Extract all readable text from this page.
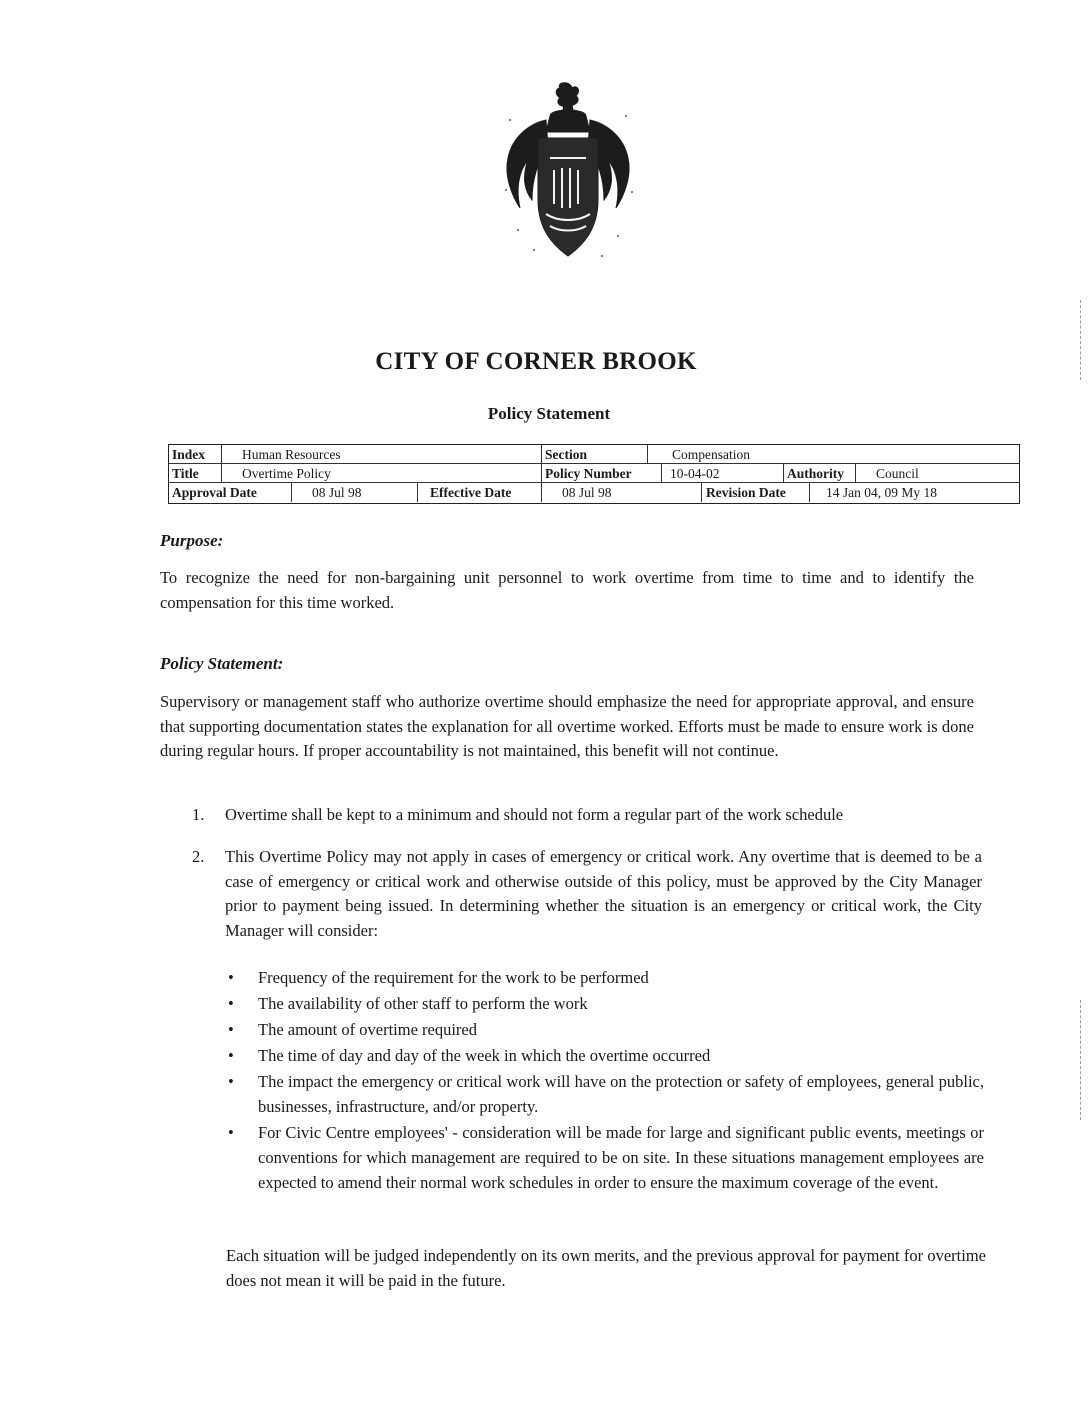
CITY OF CORNER BROOK
Policy Statement
Index	Human Resources	Section	Compensation
Title	Overtime Policy	Policy Number	10-04-02	Authority	Council
Approval Date	08 Jul 98	Effective Date	08 Jul 98	Revision Date	14 Jan 04, 09 My 18
Purpose:

To recognize the need for non-bargaining unit personnel to work overtime from time to time and to identify the compensation for this time worked.

Policy Statement:

Supervisory or management staff who authorize overtime should emphasize the need for appropriate approval, and ensure that supporting documentation states the explanation for all overtime worked. Efforts must be made to ensure work is done during regular hours. If proper accountability is not maintained, this benefit will not continue.

1. Overtime shall be kept to a minimum and should not form a regular part of the work schedule

2. This Overtime Policy may not apply in cases of emergency or critical work. Any overtime that is deemed to be a case of emergency or critical work and otherwise outside of this policy, must be approved by the City Manager prior to payment being issued. In determining whether the situation is an emergency or critical work, the City Manager will consider:

• Frequency of the requirement for the work to be performed
• The availability of other staff to perform the work
• The amount of overtime required
• The time of day and day of the week in which the overtime occurred
• The impact the emergency or critical work will have on the protection or safety of employees, general public, businesses, infrastructure, and/or property.
• For Civic Centre employees' - consideration will be made for large and significant public events, meetings or conventions for which management are required to be on site. In these situations management employees are expected to amend their normal work schedules in order to ensure the maximum coverage of the event.

Each situation will be judged independently on its own merits, and the previous approval for payment for overtime does not mean it will be paid in the future.
